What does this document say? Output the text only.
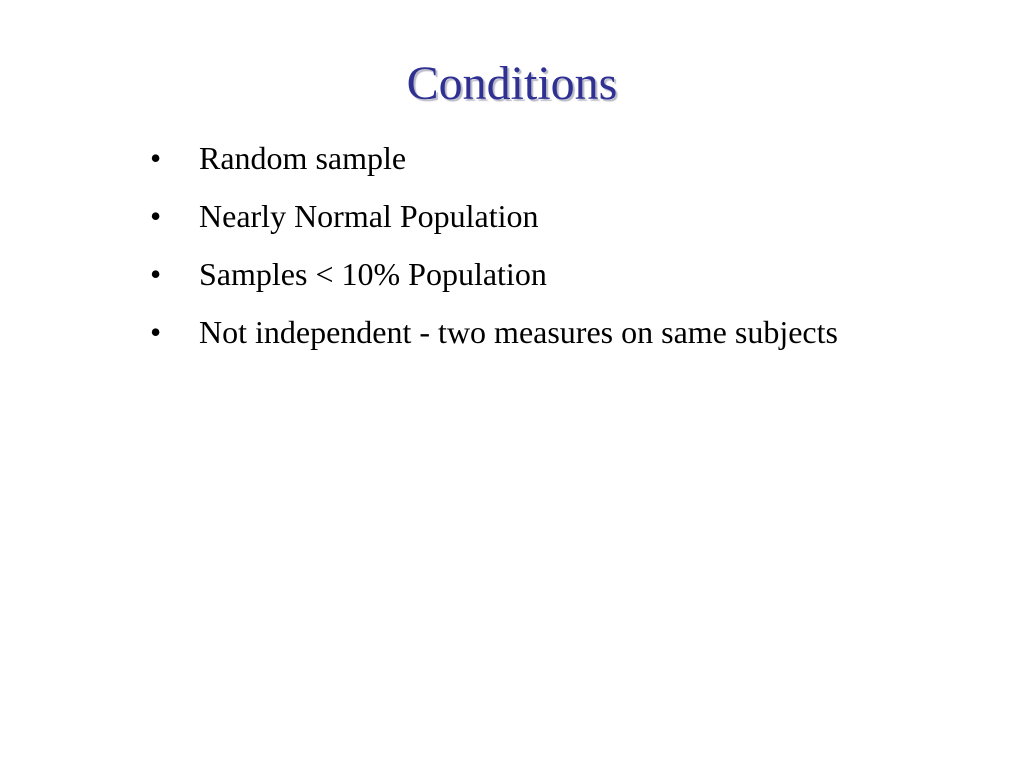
Conditions
• Random sample
• Nearly Normal Population
• Samples < 10% Population
• Not independent - two measures on same subjects
